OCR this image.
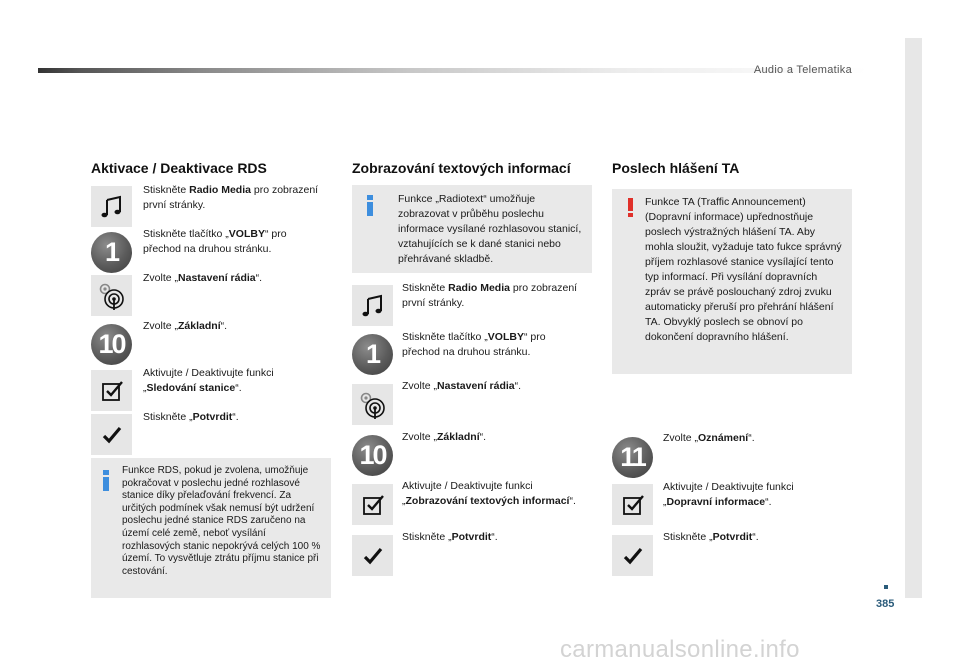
Audio a Telematika
385
carmanualsonline.info
Aktivace / Deaktivace RDS
Stiskněte Radio Media pro zobrazení první stránky.
1
Stiskněte tlačítko „VOLBY“ pro přechod na druhou stránku.
Zvolte „Nastavení rádia“.
10
Zvolte „Základní“.
Aktivujte / Deaktivujte funkci „Sledování stanice“.
Stiskněte „Potvrdit“.
Funkce RDS, pokud je zvolena, umožňuje pokračovat v poslechu jedné rozhlasové stanice díky přelaďování frekvencí. Za určitých podmínek však nemusí být udržení poslechu jedné stanice RDS zaručeno na území celé země, neboť vysílání rozhlasových stanic nepokrývá celých 100 % území. To vysvětluje ztrátu příjmu stanice při cestování.
Zobrazování textových informací
Funkce „Radiotext“ umožňuje zobrazovat v průběhu poslechu informace vysílané rozhlasovou stanicí, vztahujících se k dané stanici nebo přehrávané skladbě.
Stiskněte Radio Media pro zobrazení první stránky.
1
Stiskněte tlačítko „VOLBY“ pro přechod na druhou stránku.
Zvolte „Nastavení rádia“.
10
Zvolte „Základní“.
Aktivujte / Deaktivujte funkci „Zobrazování textových informací“.
Stiskněte „Potvrdit“.
Poslech hlášení TA
Funkce TA (Traffic Announcement) (Dopravní informace) upřednostňuje poslech výstražných hlášení TA. Aby mohla sloužit, vyžaduje tato fukce správný příjem rozhlasové stanice vysílající tento typ informací. Při vysílání dopravních zpráv se právě poslouchaný zdroj zvuku automaticky přeruší pro přehrání hlášení TA. Obvyklý poslech se obnoví po dokončení dopravního hlášení.
11
Zvolte „Oznámení“.
Aktivujte / Deaktivujte funkci „Dopravní informace“.
Stiskněte „Potvrdit“.
